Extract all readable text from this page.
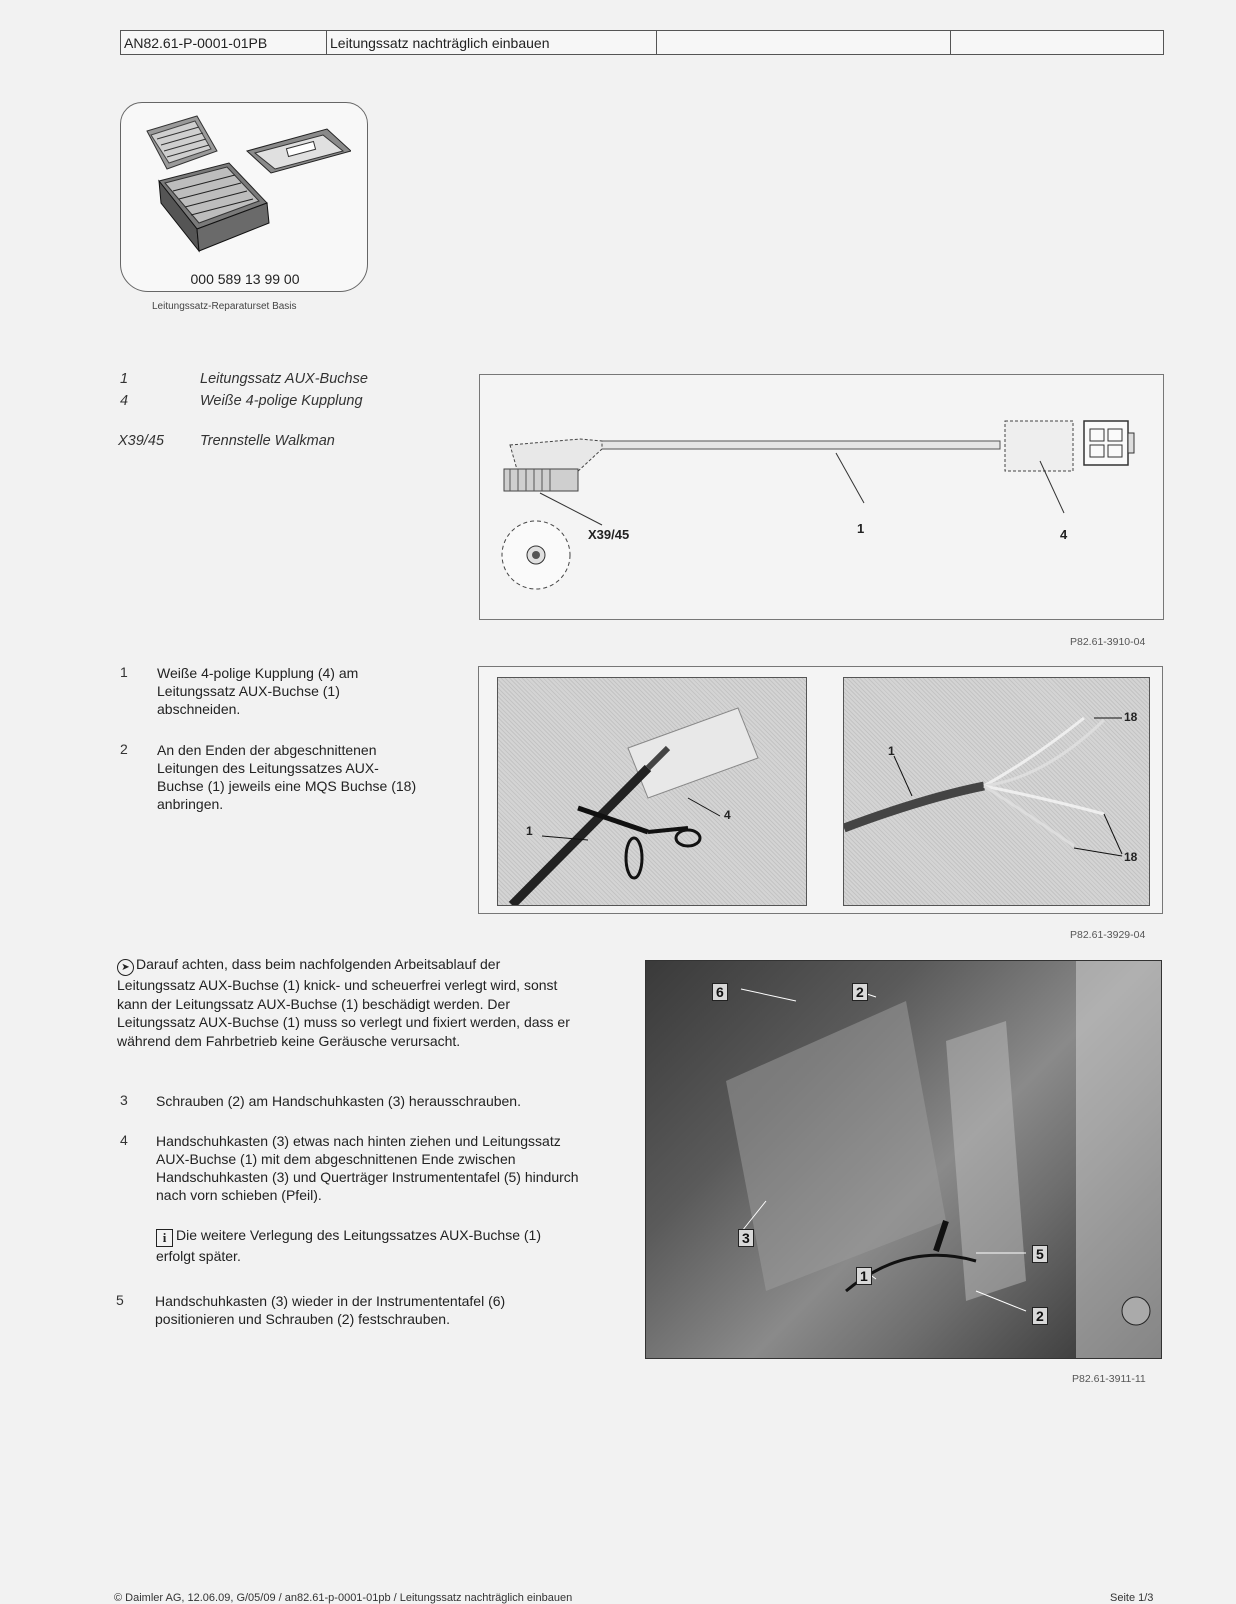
AN82.61-P-0001-01PB	Leitungssatz nachträglich einbauen
000 589 13 99 00
Leitungssatz-Reparaturset Basis
1	Leitungssatz AUX-Buchse
4	Weiße 4-polige Kupplung
X39/45 Trennstelle Walkman
X39/45	1	4
P82.61-3910-04
1 Weiße 4-polige Kupplung (4) am Leitungssatz AUX-Buchse (1) abschneiden.
2 An den Enden der abgeschnittenen Leitungen des Leitungssatzes AUX-Buchse (1) jeweils eine MQS Buchse (18) anbringen.
1
4
1
18
18
P82.61-3929-04
➤ Darauf achten, dass beim nachfolgenden Arbeitsablauf der Leitungssatz AUX-Buchse (1) knick- und scheuerfrei verlegt wird, sonst kann der Leitungssatz AUX-Buchse (1) beschädigt werden. Der Leitungssatz AUX-Buchse (1) muss so verlegt und fixiert werden, dass er während dem Fahrbetrieb keine Geräusche verursacht.
3 Schrauben (2) am Handschuhkasten (3) herausschrauben.
4 Handschuhkasten (3) etwas nach hinten ziehen und Leitungssatz AUX-Buchse (1) mit dem abgeschnittenen Ende zwischen Handschuhkasten (3) und Querträger Instrumententafel (5) hindurch nach vorn schieben (Pfeil).
i Die weitere Verlegung des Leitungssatzes AUX-Buchse (1) erfolgt später.
5 Handschuhkasten (3) wieder in der Instrumententafel (6) positionieren und Schrauben (2) festschrauben.
6	2
3
5
1
2
P82.61-3911-11
© Daimler AG, 12.06.09, G/05/09 / an82.61-p-0001-01pb / Leitungssatz nachträglich einbauen	Seite 1/3
